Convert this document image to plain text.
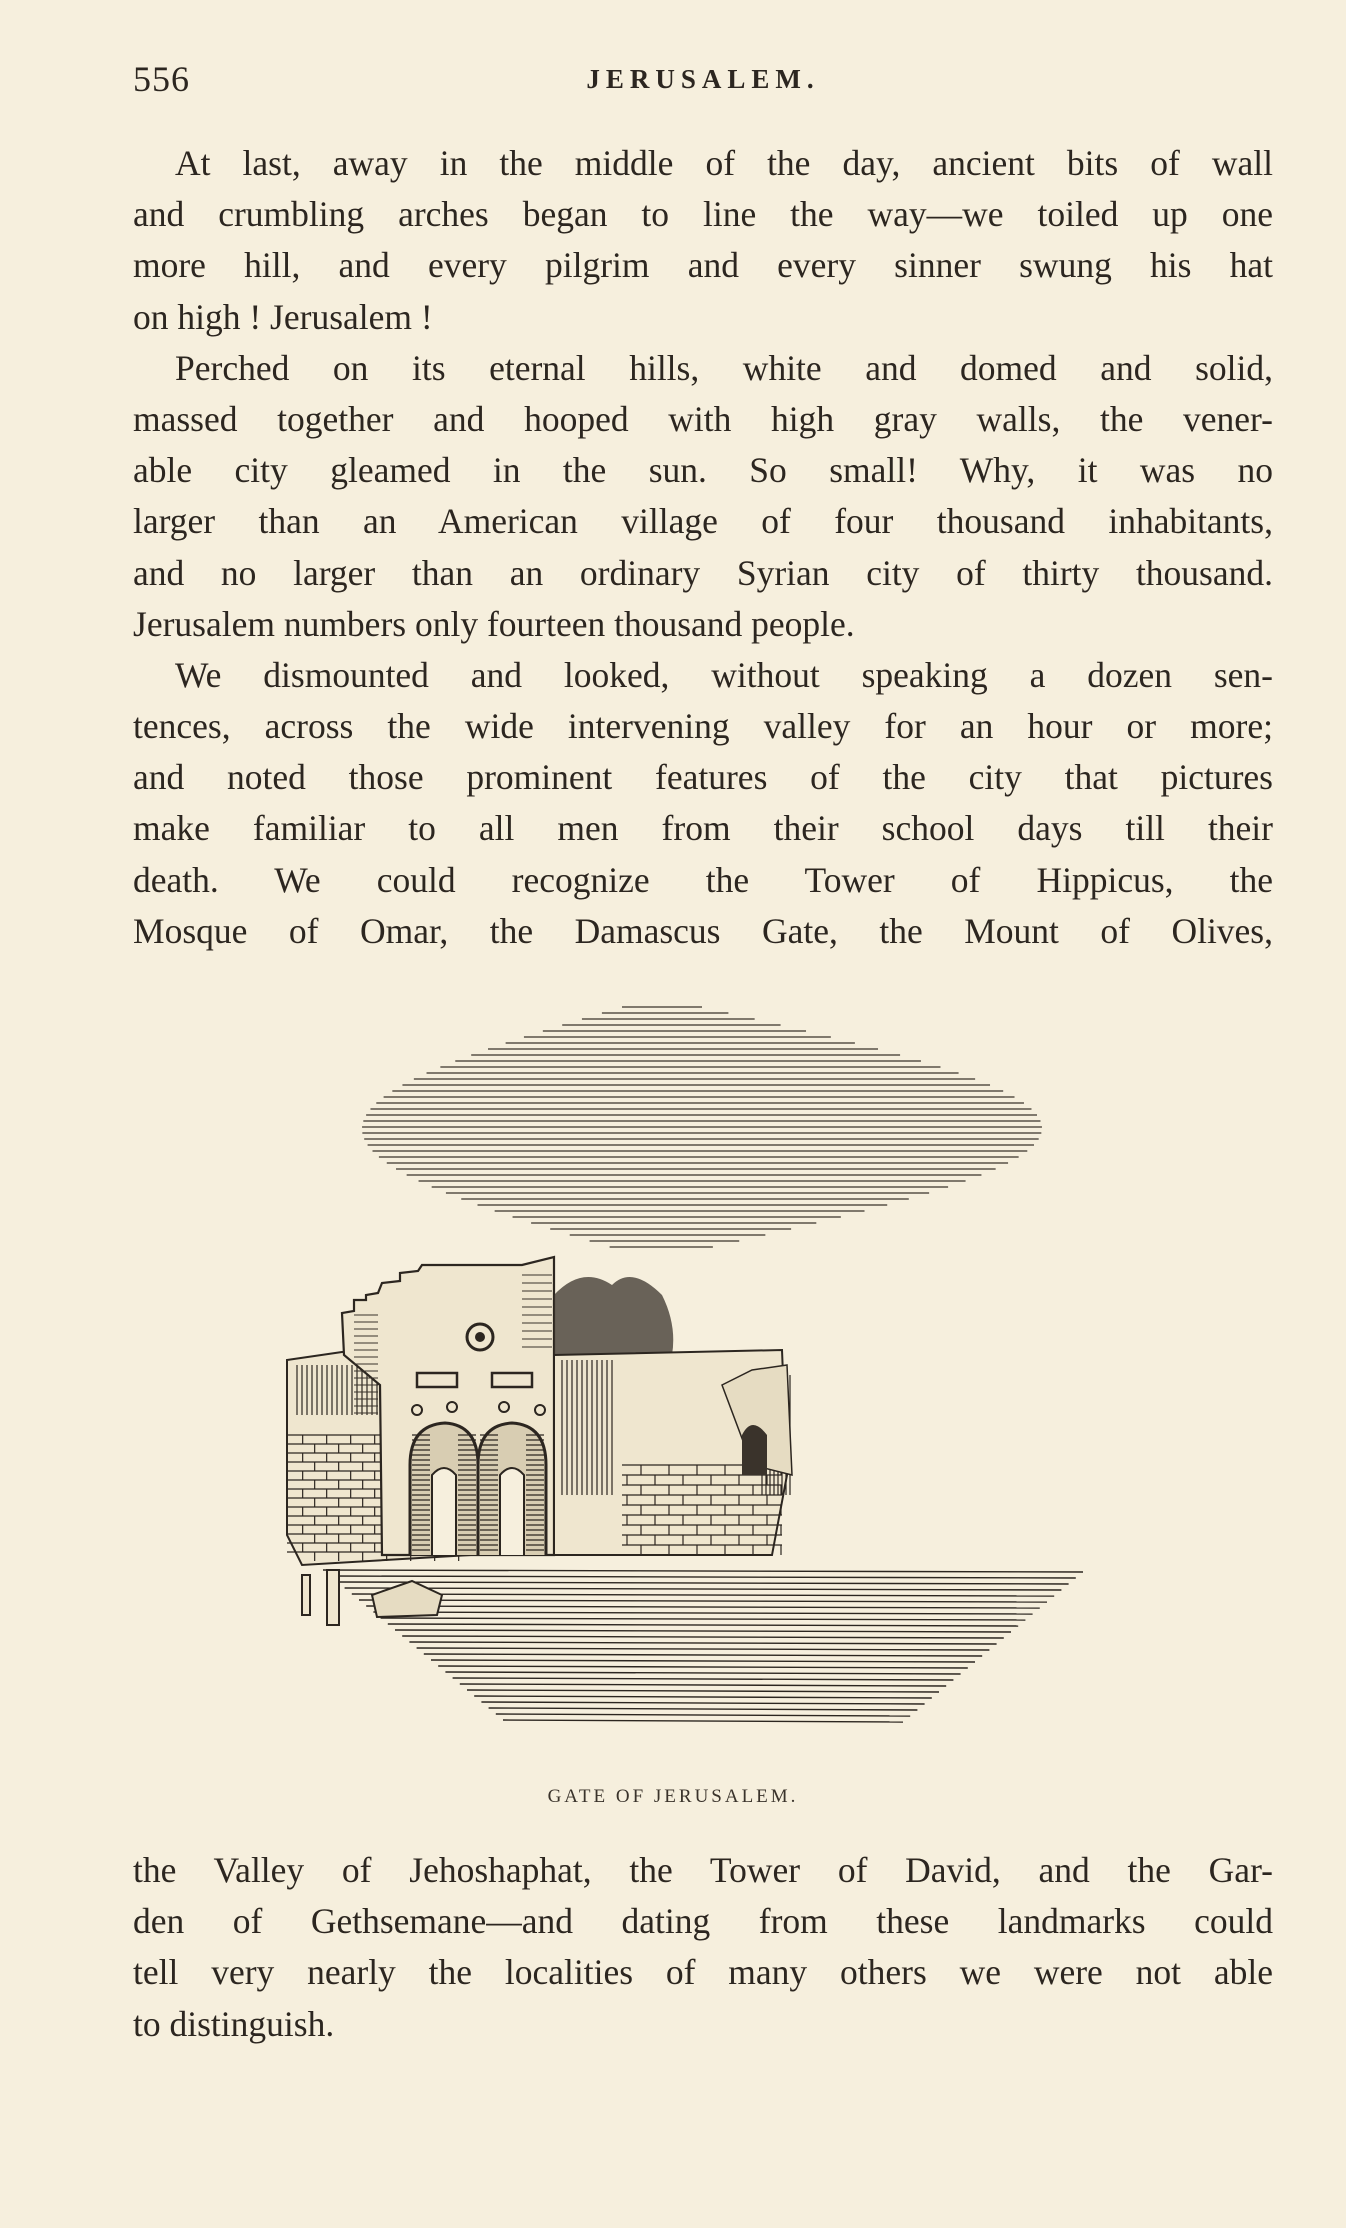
556	JERUSALEM.
At last, away in the middle of the day, ancient bits of wall
and crumbling arches began to line the way—we toiled up one
more hill, and every pilgrim and every sinner swung his hat
on high ! Jerusalem !
Perched on its eternal hills, white and domed and solid,
massed together and hooped with high gray walls, the vener-
able city gleamed in the sun. So small! Why, it was no
larger than an American village of four thousand inhabitants,
and no larger than an ordinary Syrian city of thirty thousand.
Jerusalem numbers only fourteen thousand people.
We dismounted and looked, without speaking a dozen sen-
tences, across the wide intervening valley for an hour or more;
and noted those prominent features of the city that pictures
make familiar to all men from their school days till their
death. We could recognize the Tower of Hippicus, the
Mosque of Omar, the Damascus Gate, the Mount of Olives,
GATE OF JERUSALEM.
the Valley of Jehoshaphat, the Tower of David, and the Gar-
den of Gethsemane—and dating from these landmarks could
tell very nearly the localities of many others we were not able
to distinguish.
